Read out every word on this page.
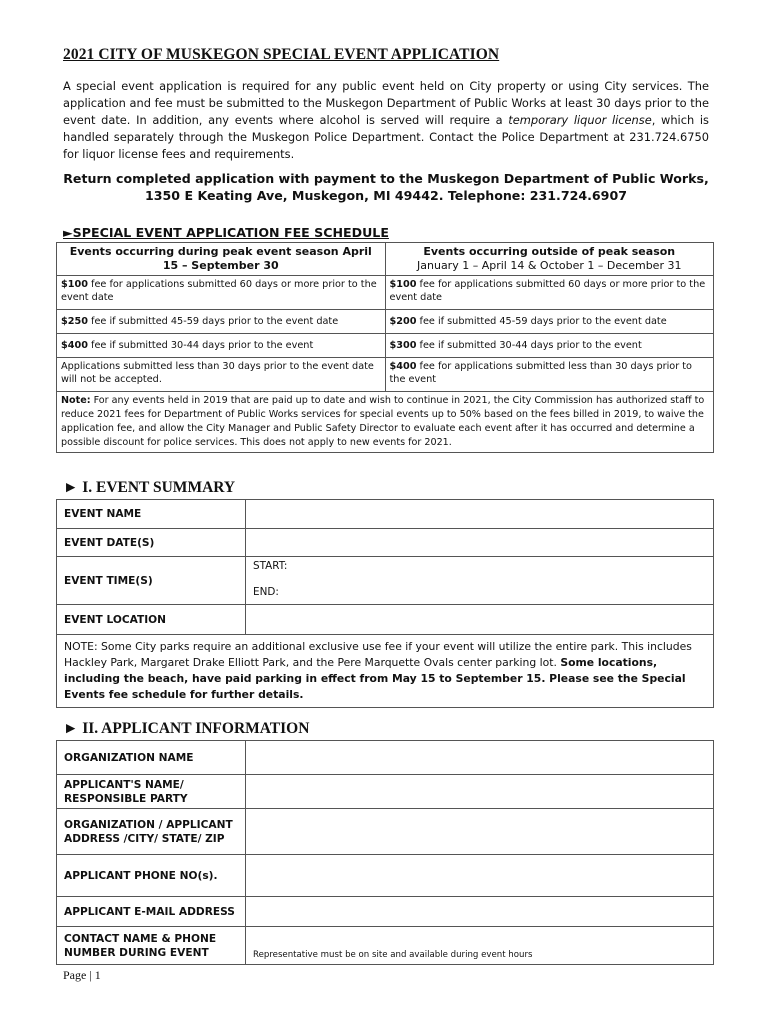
2021 CITY OF MUSKEGON SPECIAL EVENT APPLICATION
A special event application is required for any public event held on City property or using City services. The application and fee must be submitted to the Muskegon Department of Public Works at least 30 days prior to the event date. In addition, any events where alcohol is served will require a temporary liquor license, which is handled separately through the Muskegon Police Department. Contact the Police Department at 231.724.6750 for liquor license fees and requirements.
Return completed application with payment to the Muskegon Department of Public Works,
1350 E Keating Ave, Muskegon, MI 49442. Telephone: 231.724.6907
►SPECIAL EVENT APPLICATION FEE SCHEDULE
Events occurring during peak event season April 15 – September 30	Events occurring outside of peak season
January 1 – April 14 & October 1 – December 31

$100 fee for applications submitted 60 days or more prior to the event date	$100 fee for applications submitted 60 days or more prior to the event date
$250 fee if submitted 45-59 days prior to the event date	$200 fee if submitted 45-59 days prior to the event date
$400 fee if submitted 30-44 days prior to the event	$300 fee if submitted 30-44 days prior to the event
Applications submitted less than 30 days prior to the event date will not be accepted.	$400 fee for applications submitted less than 30 days prior to the event
Note: For any events held in 2019 that are paid up to date and wish to continue in 2021, the City Commission has authorized staff to reduce 2021 fees for Department of Public Works services for special events up to 50% based on the fees billed in 2019, to waive the application fee, and allow the City Manager and Public Safety Director to evaluate each event after it has occurred and determine a possible discount for police services. This does not apply to new events for 2021.	
► I. EVENT SUMMARY
EVENT NAME	
EVENT DATE(S)	
EVENT TIME(S)	START:
	END:
EVENT LOCATION	
NOTE: Some City parks require an additional exclusive use fee if your event will utilize the entire park. This includes Hackley Park, Margaret Drake Elliott Park, and the Pere Marquette Ovals center parking lot. Some locations, including the beach, have paid parking in effect from May 15 to September 15. Please see the Special Events fee schedule for further details.	
► II. APPLICANT INFORMATION
ORGANIZATION NAME	

APPLICANT'S NAME/
RESPONSIBLE PARTY	

ORGANIZATION / APPLICANT
ADDRESS /CITY/ STATE/ ZIP	

APPLICANT PHONE NO(s).	
APPLICANT E-MAIL ADDRESS	

CONTACT NAME & PHONE
NUMBER DURING EVENT	Representative must be on site and available during event hours
Page | 1
